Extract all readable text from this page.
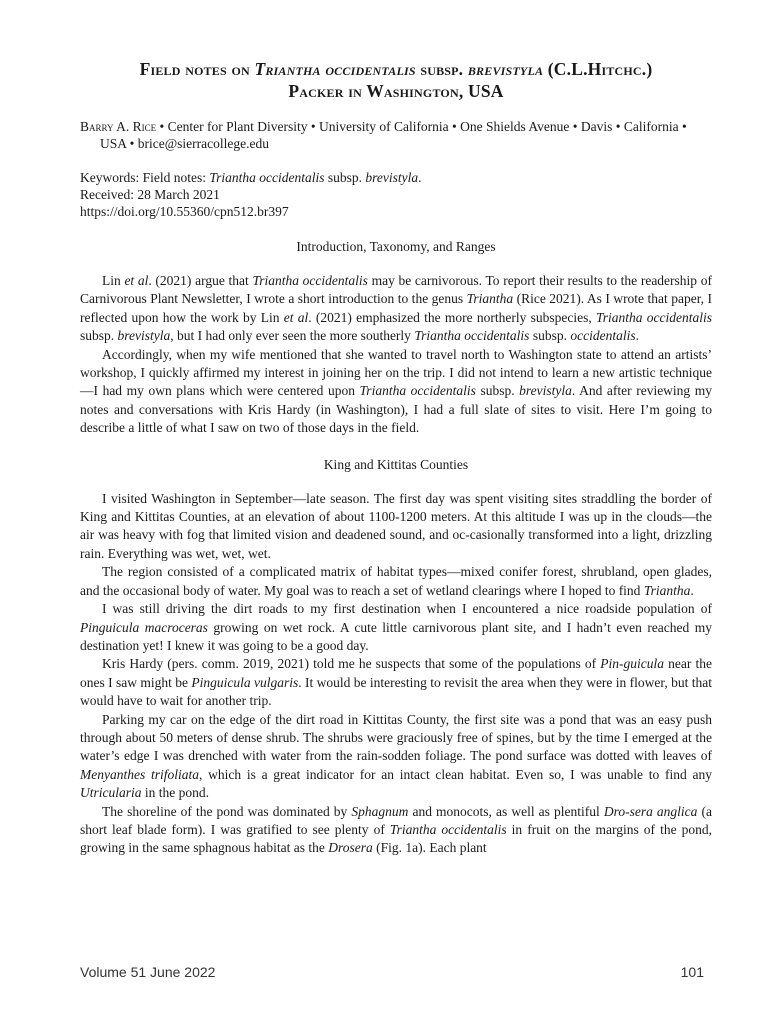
Field notes on Triantha occidentalis subsp. brevistyla (C.L.Hitchc.)
Packer in Washington, USA
Barry A. Rice • Center for Plant Diversity • University of California • One Shields Avenue • Davis • California • USA • brice@sierracollege.edu
Keywords: Field notes: Triantha occidentalis subsp. brevistyla.
Received: 28 March 2021
https://doi.org/10.55360/cpn512.br397
Introduction, Taxonomy, and Ranges

Lin et al. (2021) argue that Triantha occidentalis may be carnivorous. To report their results to the readership of Carnivorous Plant Newsletter, I wrote a short introduction to the genus Triantha (Rice 2021). As I wrote that paper, I reflected upon how the work by Lin et al. (2021) emphasized the more northerly subspecies, Triantha occidentalis subsp. brevistyla, but I had only ever seen the more southerly Triantha occidentalis subsp. occidentalis.

Accordingly, when my wife mentioned that she wanted to travel north to Washington state to attend an artists’ workshop, I quickly affirmed my interest in joining her on the trip. I did not intend to learn a new artistic technique—I had my own plans which were centered upon Triantha occidentalis subsp. brevistyla. And after reviewing my notes and conversations with Kris Hardy (in Washington), I had a full slate of sites to visit. Here I’m going to describe a little of what I saw on two of those days in the field.

King and Kittitas Counties

I visited Washington in September—late season. The first day was spent visiting sites straddling the border of King and Kittitas Counties, at an elevation of about 1100-1200 meters. At this altitude I was up in the clouds—the air was heavy with fog that limited vision and deadened sound, and oc-casionally transformed into a light, drizzling rain. Everything was wet, wet, wet.

The region consisted of a complicated matrix of habitat types—mixed conifer forest, shrubland, open glades, and the occasional body of water. My goal was to reach a set of wetland clearings where I hoped to find Triantha.

I was still driving the dirt roads to my first destination when I encountered a nice roadside population of Pinguicula macroceras growing on wet rock. A cute little carnivorous plant site, and I hadn’t even reached my destination yet! I knew it was going to be a good day.

Kris Hardy (pers. comm. 2019, 2021) told me he suspects that some of the populations of Pin-guicula near the ones I saw might be Pinguicula vulgaris. It would be interesting to revisit the area when they were in flower, but that would have to wait for another trip.

Parking my car on the edge of the dirt road in Kittitas County, the first site was a pond that was an easy push through about 50 meters of dense shrub. The shrubs were graciously free of spines, but by the time I emerged at the water’s edge I was drenched with water from the rain-sodden foliage. The pond surface was dotted with leaves of Menyanthes trifoliata, which is a great indicator for an intact clean habitat. Even so, I was unable to find any Utricularia in the pond.

The shoreline of the pond was dominated by Sphagnum and monocots, as well as plentiful Dro-sera anglica (a short leaf blade form). I was gratified to see plenty of Triantha occidentalis in fruit on the margins of the pond, growing in the same sphagnous habitat as the Drosera (Fig. 1a). Each plant

Volume 51 June 2022	101
